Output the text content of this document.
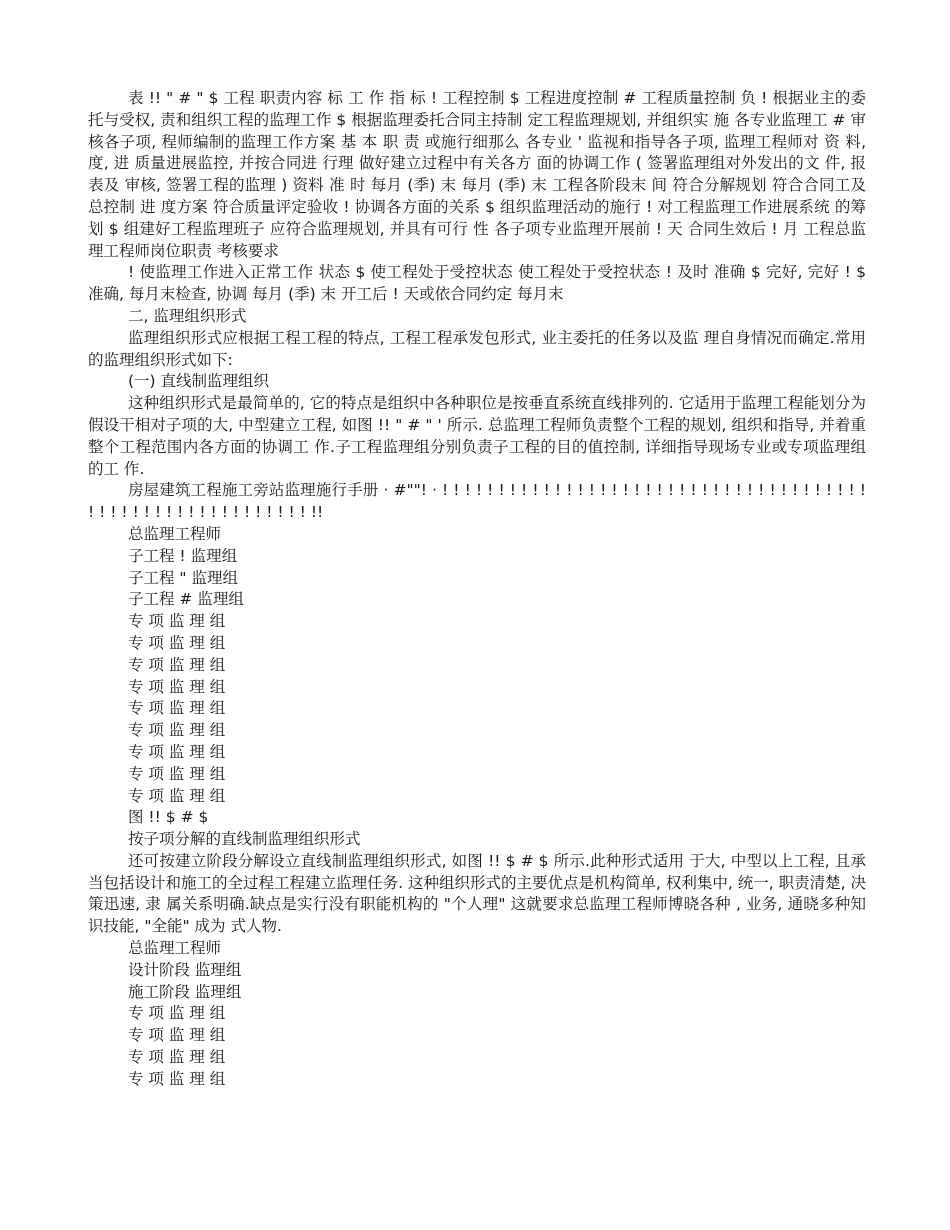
表 !! " # " $ 工程 职责内容 标 工 作 指 标 ! 工程控制 $ 工程进度控制 # 工程质量控制 负 ! 根据业主的委托与受权, 责和组织工程的监理工作 $ 根据监理委托合同主持制 定工程监理规划, 并组织实 施 各专业监理工 # 审核各子项, 程师编制的监理工作方案 基 本 职 责 或施行细那么 各专业 ' 监视和指导各子项, 监理工程师对 资 料, 度, 进 质量进展监控, 并按合同进 行理 做好建立过程中有关各方 面的协调工作 ( 签署监理组对外发出的文 件, 报表及 审核, 签署工程的监理 ) 资料 准 时 每月 (季) 末 每月 (季) 末 工程各阶段末 间 符合分解规划 符合合同工及总控制 进 度方案 符合质量评定验收 ! 协调各方面的关系 $ 组织监理活动的施行 ! 对工程监理工作进展系统 的筹划 $ 组建好工程监理班子 应符合监理规划, 并具有可行 性 各子项专业监理开展前 ! 天 合同生效后 ! 月 工程总监理工程师岗位职责 考核要求

! 使监理工作进入正常工作 状态 $ 使工程处于受控状态 使工程处于受控状态 ! 及时 准确 $ 完好, 完好 ! $ 准确, 每月末检查, 协调 每月 (季) 末 开工后 ! 天或依合同约定 每月末

二, 监理组织形式

监理组织形式应根据工程工程的特点, 工程工程承发包形式, 业主委托的任务以及监 理自身情况而确定.常用的监理组织形式如下:

(一) 直线制监理组织

这种组织形式是最简单的, 它的特点是组织中各种职位是按垂直系统直线排列的. 它适用于监理工程能划分为假设干相对子项的大, 中型建立工程, 如图 !! " # " ' 所示. 总监理工程师负责整个工程的规划, 组织和指导, 并着重整个工程范围内各方面的协调工 作.子工程监理组分别负责子工程的目的值控制, 详细指导现场专业或专项监理组的工 作.

房屋建筑工程施工旁站监理施行手册 · #""! · ! ! ! ! ! ! ! ! ! ! ! ! ! ! ! ! ! ! ! ! ! ! ! ! ! ! ! ! ! ! ! ! ! ! ! ! ! ! ! ! ! ! ! ! ! ! ! ! ! ! ! ! ! ! ! ! ! ! !!

总监理工程师

子工程 ! 监理组

子工程 " 监理组

子工程 # 监理组

专 项 监 理 组

专 项 监 理 组

专 项 监 理 组

专 项 监 理 组

专 项 监 理 组

专 项 监 理 组

专 项 监 理 组

专 项 监 理 组

专 项 监 理 组

图 !! $ # $

按子项分解的直线制监理组织形式

还可按建立阶段分解设立直线制监理组织形式, 如图 !! $ # $ 所示.此种形式适用 于大, 中型以上工程, 且承当包括设计和施工的全过程工程建立监理任务. 这种组织形式的主要优点是机构简单, 权利集中, 统一, 职责清楚, 决策迅速, 隶 属关系明确.缺点是实行没有职能机构的 "个人理" 这就要求总监理工程师博晓各种 , 业务, 通晓多种知识技能, "全能" 成为 式人物.

总监理工程师

设计阶段 监理组

施工阶段 监理组

专 项 监 理 组

专 项 监 理 组

专 项 监 理 组

专 项 监 理 组
